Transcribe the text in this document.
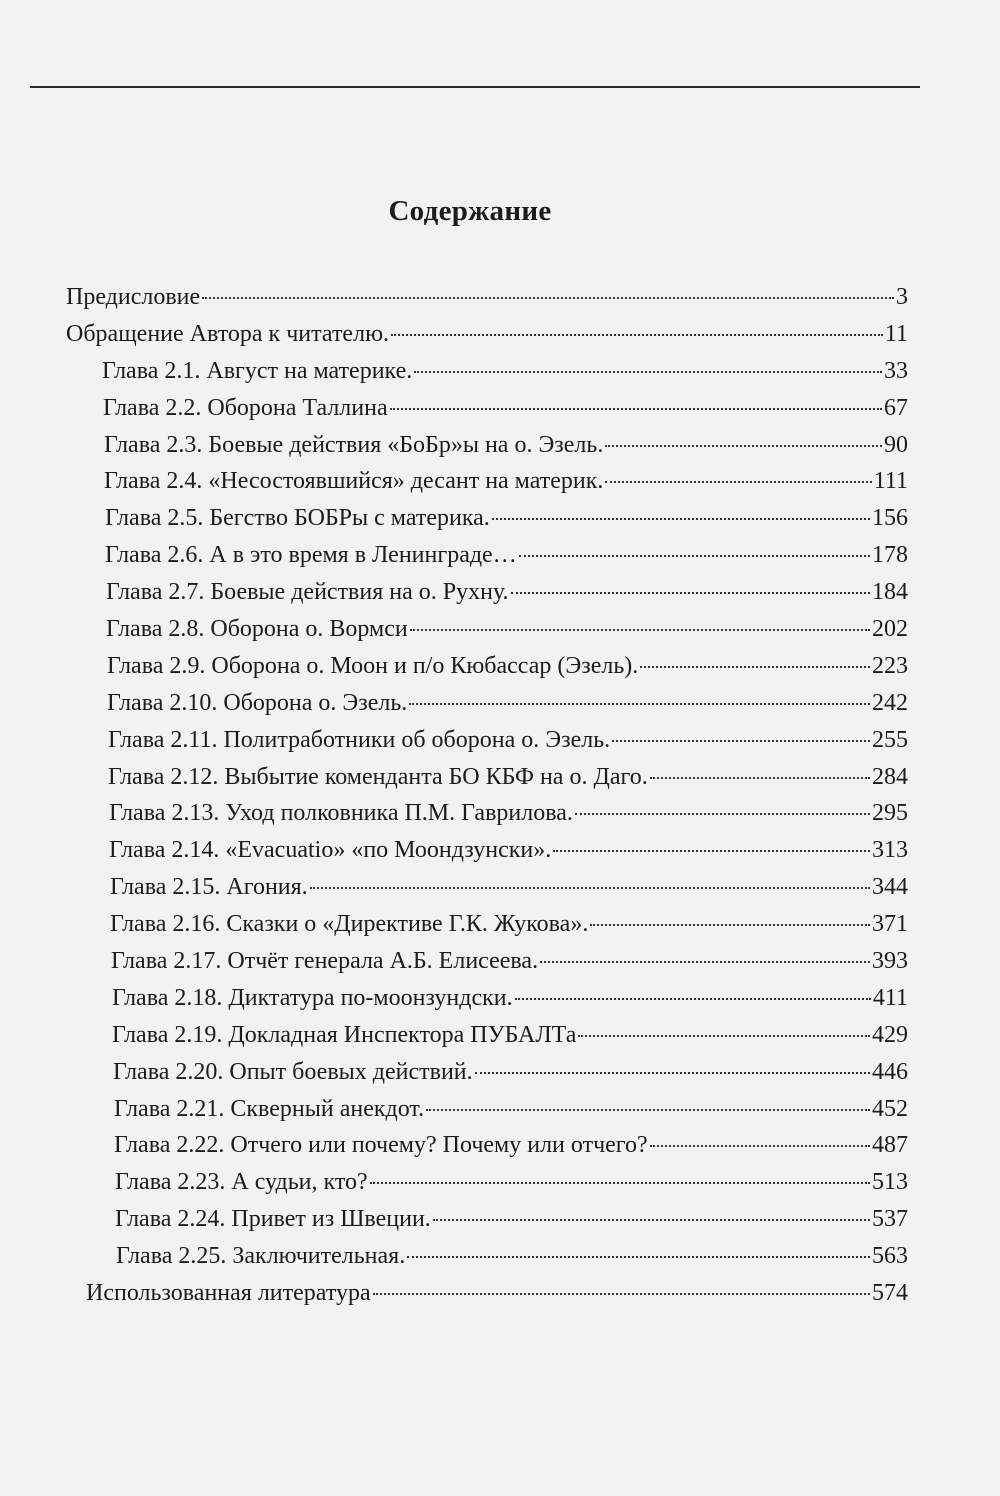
Содержание
Предисловие	3
Обращение Автора к читателю.	11
Глава 2.1. Август на материке.	33
Глава 2.2. Оборона Таллина	67
Глава 2.3. Боевые действия «БоБр»ы на о. Эзель.	90
Глава 2.4. «Несостоявшийся» десант на материк.	111
Глава 2.5. Бегство БОБРы с материка.	156
Глава 2.6. А в это время в Ленинграде…	178
Глава 2.7. Боевые действия на о. Рухну.	184
Глава 2.8. Оборона о. Вормси	202
Глава 2.9. Оборона о. Моон и п/о Кюбассар (Эзель).	223
Глава 2.10. Оборона о. Эзель.	242
Глава 2.11. Политработники об оборона о. Эзель.	255
Глава 2.12. Выбытие коменданта БО КБФ на о. Даго.	284
Глава 2.13. Уход полковника П.М. Гаврилова.	295
Глава 2.14. «Evacuatio» «по Моондзунски».	313
Глава 2.15. Агония.	344
Глава 2.16. Сказки о «Директиве Г.К. Жукова».	371
Глава 2.17. Отчёт генерала А.Б. Елисеева.	393
Глава 2.18. Диктатура по-моонзундски.	411
Глава 2.19. Докладная Инспектора ПУБАЛТа	429
Глава 2.20. Опыт боевых действий.	446
Глава 2.21. Скверный анекдот.	452
Глава 2.22. Отчего или почему? Почему или отчего?	487
Глава 2.23. А судьи, кто?	513
Глава 2.24. Привет из Швеции.	537
Глава 2.25. Заключительная.	563
Использованная литература	574
